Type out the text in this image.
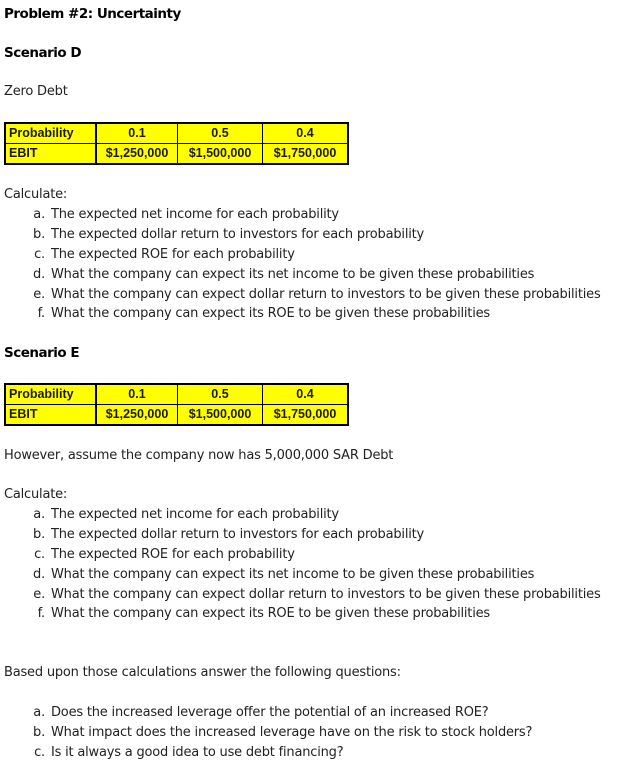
Problem #2: Uncertainty
Scenario D
Zero Debt
Probability	0.1	0.5	0.4
EBIT	$1,250,000	$1,500,000	$1,750,000
Calculate:
a. The expected net income for each probability
b. The expected dollar return to investors for each probability
c. The expected ROE for each probability
d. What the company can expect its net income to be given these probabilities
e. What the company can expect dollar return to investors to be given these probabilities
f. What the company can expect its ROE to be given these probabilities
Scenario E
Probability	0.1	0.5	0.4
EBIT	$1,250,000	$1,500,000	$1,750,000
However, assume the company now has 5,000,000 SAR Debt
Calculate:
a. The expected net income for each probability
b. The expected dollar return to investors for each probability
c. The expected ROE for each probability
d. What the company can expect its net income to be given these probabilities
e. What the company can expect dollar return to investors to be given these probabilities
f. What the company can expect its ROE to be given these probabilities
Based upon those calculations answer the following questions:
a. Does the increased leverage offer the potential of an increased ROE?
b. What impact does the increased leverage have on the risk to stock holders?
c. Is it always a good idea to use debt financing?
